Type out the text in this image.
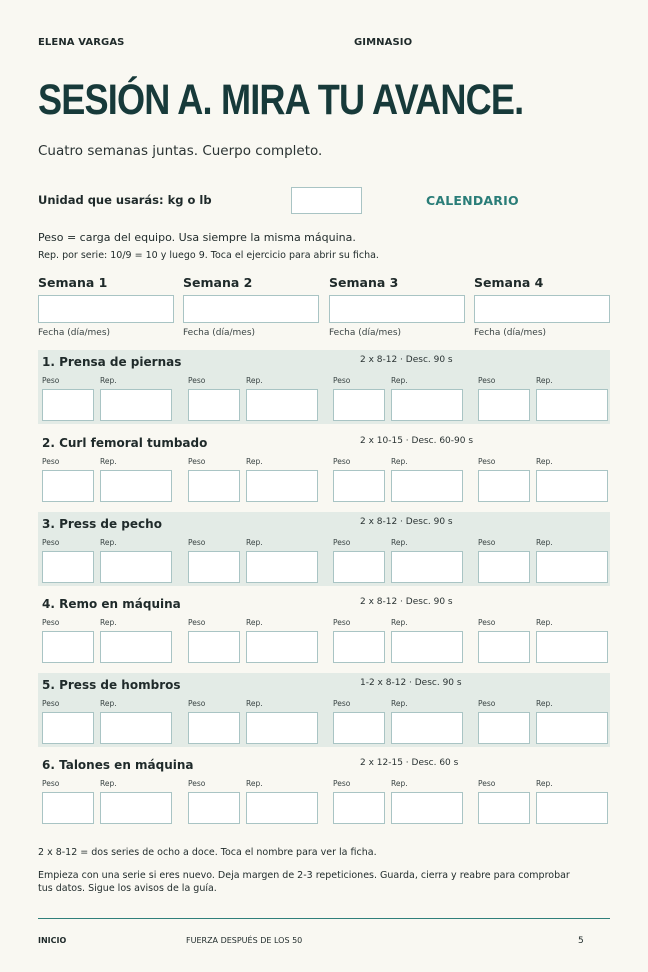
ELENA VARGAS	GIMNASIO
SESIÓN A. MIRA TU AVANCE.
Cuatro semanas juntas. Cuerpo completo.
Unidad que usarás: kg o lb	CALENDARIO
Peso = carga del equipo. Usa siempre la misma máquina.
Rep. por serie: 10/9 = 10 y luego 9. Toca el ejercicio para abrir su ficha.
Semana 1	Semana 2	Semana 3	Semana 4
Fecha (día/mes)	Fecha (día/mes)	Fecha (día/mes)	Fecha (día/mes)
1. Prensa de piernas	2 x 8-12 · Desc. 90 s
Peso	Rep.	Peso	Rep.	Peso	Rep.	Peso	Rep.
2. Curl femoral tumbado	2 x 10-15 · Desc. 60-90 s
Peso	Rep.	Peso	Rep.	Peso	Rep.	Peso	Rep.
3. Press de pecho	2 x 8-12 · Desc. 90 s
Peso	Rep.	Peso	Rep.	Peso	Rep.	Peso	Rep.
4. Remo en máquina	2 x 8-12 · Desc. 90 s
Peso	Rep.	Peso	Rep.	Peso	Rep.	Peso	Rep.
5. Press de hombros	1-2 x 8-12 · Desc. 90 s
Peso	Rep.	Peso	Rep.	Peso	Rep.	Peso	Rep.
6. Talones en máquina	2 x 12-15 · Desc. 60 s
Peso	Rep.	Peso	Rep.	Peso	Rep.	Peso	Rep.
2 x 8-12 = dos series de ocho a doce. Toca el nombre para ver la ficha.
Empieza con una serie si eres nuevo. Deja margen de 2-3 repeticiones. Guarda, cierra y reabre para comprobar tus datos. Sigue los avisos de la guía.
INICIO	FUERZA DESPUÉS DE LOS 50	5
